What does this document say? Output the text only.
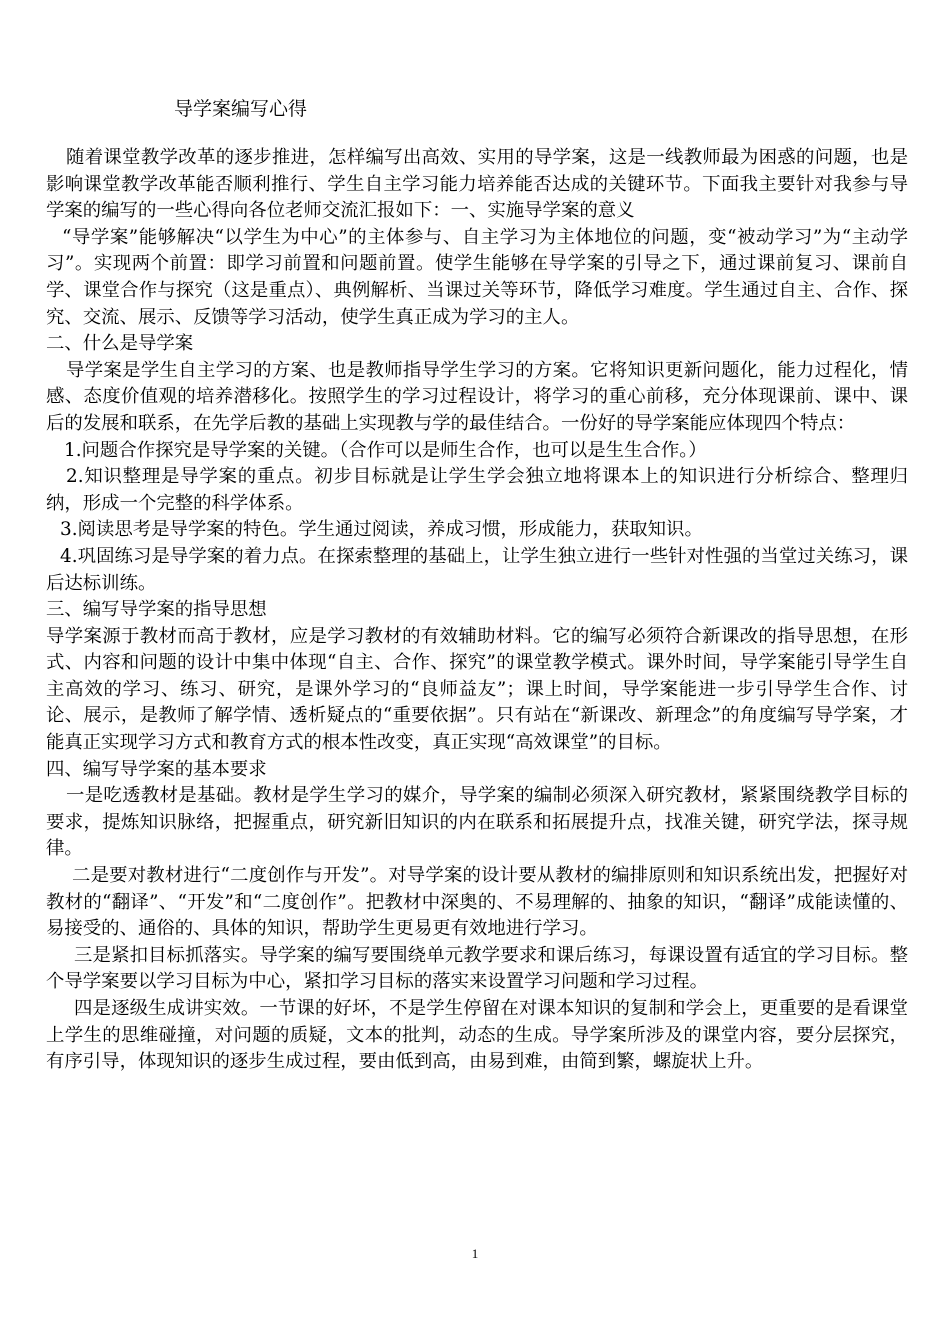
导学案编写心得

随着课堂教学改革的逐步推进，怎样编写出高效、实用的导学案，这是一线教师最为困惑的问题，也是影响课堂教学改革能否顺利推行、学生自主学习能力培养能否达成的关键环节。下面我主要针对我参与导学案的编写的一些心得向各位老师交流汇报如下：一、实施导学案的意义

“导学案”能够解决“以学生为中心”的主体参与、自主学习为主体地位的问题，变“被动学习”为“主动学习”。实现两个前置：即学习前置和问题前置。使学生能够在导学案的引导之下，通过课前复习、课前自学、课堂合作与探究（这是重点）、典例解析、当课过关等环节，降低学习难度。学生通过自主、合作、探究、交流、展示、反馈等学习活动，使学生真正成为学习的主人。

二、什么是导学案

导学案是学生自主学习的方案、也是教师指导学生学习的方案。它将知识更新问题化，能力过程化，情感、态度价值观的培养潜移化。按照学生的学习过程设计，将学习的重心前移，充分体现课前、课中、课后的发展和联系，在先学后教的基础上实现教与学的最佳结合。一份好的导学案能应体现四个特点：

1.问题合作探究是导学案的关键。（合作可以是师生合作，也可以是生生合作。）

2.知识整理是导学案的重点。初步目标就是让学生学会独立地将课本上的知识进行分析综合、整理归纳，形成一个完整的科学体系。

3.阅读思考是导学案的特色。学生通过阅读，养成习惯，形成能力，获取知识。

4.巩固练习是导学案的着力点。在探索整理的基础上，让学生独立进行一些针对性强的当堂过关练习，课后达标训练。

三、编写导学案的指导思想

导学案源于教材而高于教材，应是学习教材的有效辅助材料。它的编写必须符合新课改的指导思想，在形式、内容和问题的设计中集中体现“自主、合作、探究”的课堂教学模式。课外时间，导学案能引导学生自主高效的学习、练习、研究，是课外学习的“良师益友”；课上时间，导学案能进一步引导学生合作、讨论、展示，是教师了解学情、透析疑点的“重要依据”。只有站在“新课改、新理念”的角度编写导学案，才能真正实现学习方式和教育方式的根本性改变，真正实现“高效课堂”的目标。

四、编写导学案的基本要求

一是吃透教材是基础。教材是学生学习的媒介，导学案的编制必须深入研究教材，紧紧围绕教学目标的要求，提炼知识脉络，把握重点，研究新旧知识的内在联系和拓展提升点，找准关键，研究学法，探寻规律。

二是要对教材进行“二度创作与开发”。对导学案的设计要从教材的编排原则和知识系统出发，把握好对教材的“翻译”、“开发”和“二度创作”。把教材中深奥的、不易理解的、抽象的知识，“翻译”成能读懂的、易接受的、通俗的、具体的知识，帮助学生更易更有效地进行学习。

三是紧扣目标抓落实。导学案的编写要围绕单元教学要求和课后练习，每课设置有适宜的学习目标。整个导学案要以学习目标为中心，紧扣学习目标的落实来设置学习问题和学习过程。

四是逐级生成讲实效。一节课的好坏，不是学生停留在对课本知识的复制和学会上，更重要的是看课堂上学生的思维碰撞，对问题的质疑，文本的批判，动态的生成。导学案所涉及的课堂内容，要分层探究，有序引导，体现知识的逐步生成过程，要由低到高，由易到难，由简到繁，螺旋状上升。

1
